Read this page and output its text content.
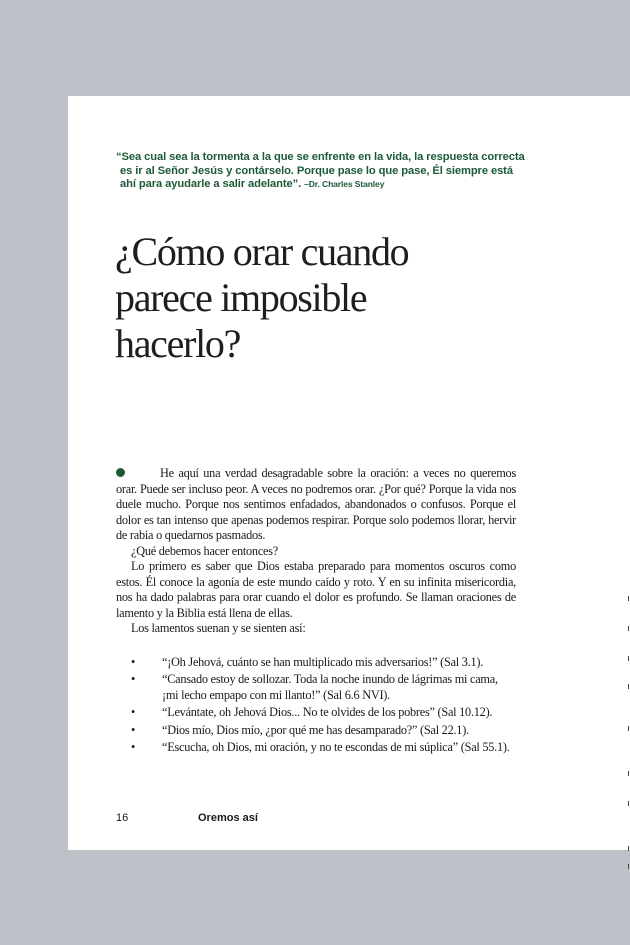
“Sea cual sea la tormenta a la que se enfrente en la vida, la respuesta correcta
es ir al Señor Jesús y contárselo. Porque pase lo que pase, Él siempre está
ahí para ayudarle a salir adelante”. –Dr. Charles Stanley
¿Cómo orar cuando
parece imposible
hacerlo?

He aquí una verdad desagradable sobre la oración: a veces no queremos orar. Puede ser incluso peor. A veces no podremos orar. ¿Por qué? Porque la vida nos duele mucho. Porque nos sentimos enfadados, abandonados o confusos. Porque el dolor es tan intenso que apenas podemos respirar. Porque solo podemos llorar, hervir de rabia o quedarnos pasmados.

¿Qué debemos hacer entonces?

Lo primero es saber que Dios estaba preparado para momentos oscuros como estos. Él conoce la agonía de este mundo caído y roto. Y en su infinita misericordia, nos ha dado palabras para orar cuando el dolor es profundo. Se llaman oraciones de lamento y la Biblia está llena de ellas.

Los lamentos suenan y se sienten así:

• “¡Oh Jehová, cuánto se han multiplicado mis adversarios!” (Sal 3.1).
• “Cansado estoy de sollozar. Toda la noche inundo de lágrimas mi cama, ¡mi lecho empapo con mi llanto!” (Sal 6.6 NVI).
• “Levántate, oh Jehová Dios... No te olvides de los pobres” (Sal 10.12).
• “Dios mío, Dios mío, ¿por qué me has desamparado?” (Sal 22.1).
• “Escucha, oh Dios, mi oración, y no te escondas de mi súplica” (Sal 55.1).
16	Oremos así
